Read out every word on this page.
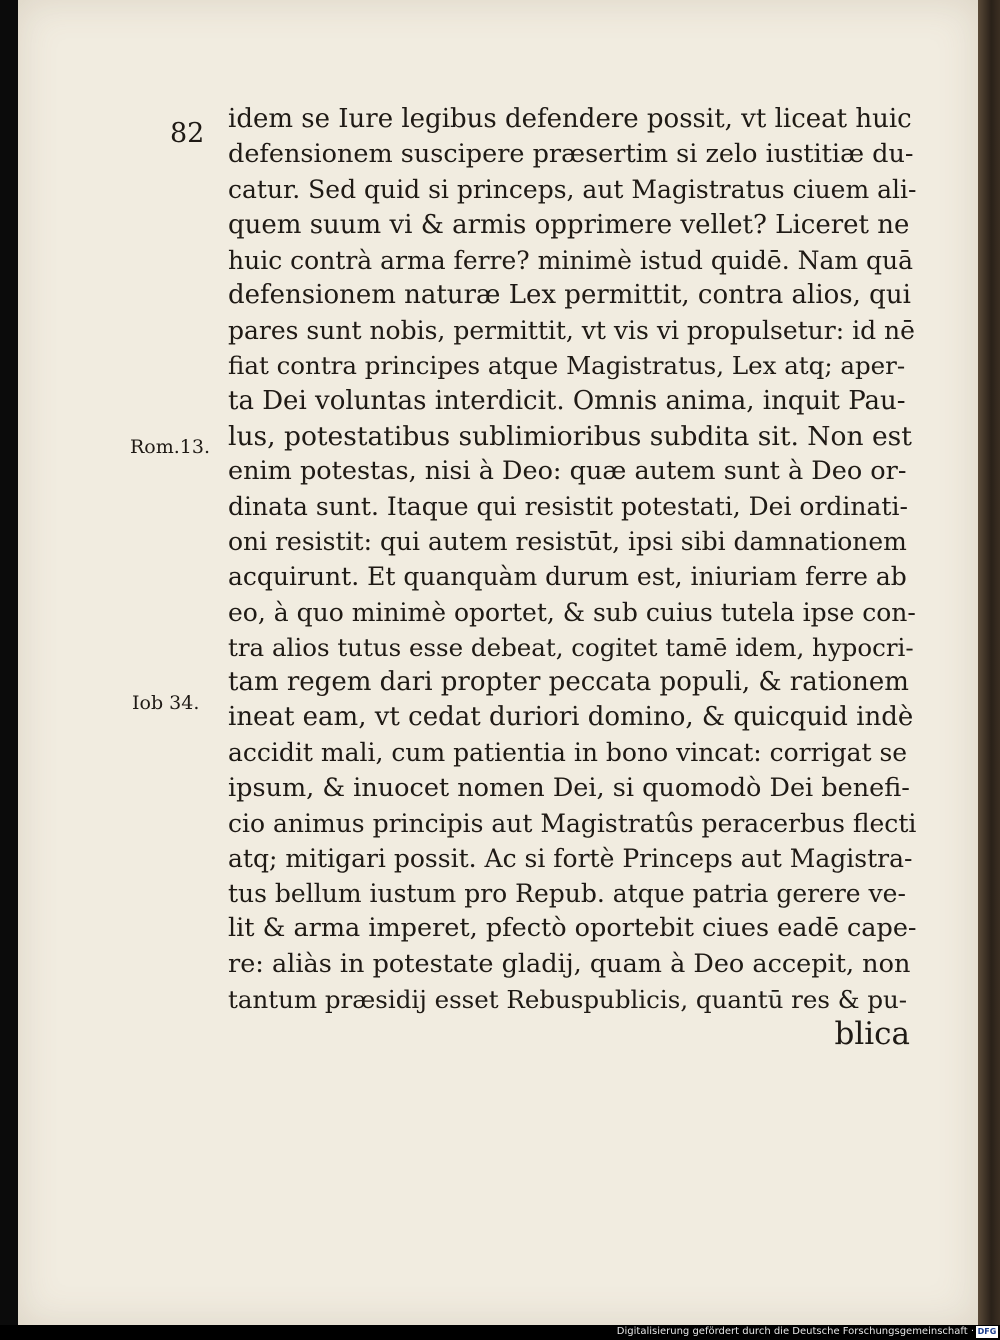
82
Rom.13.
Iob 34.
idem se Iure legibus defendere possit, vt liceat huic
defensionem suscipere præsertim si zelo iustitiæ du-
catur. Sed quid si princeps, aut Magistratus ciuem ali-
quem suum vi & armis opprimere vellet? Liceret ne
huic contrà arma ferre? minimè istud quidē. Nam quā
defensionem naturæ Lex permittit, contra alios, qui
pares sunt nobis, permittit, vt vis vi propulsetur: id nē
fiat contra principes atque Magistratus, Lex atq; aper-
ta Dei voluntas interdicit. Omnis anima, inquit Pau-
lus, potestatibus sublimioribus subdita sit. Non est
enim potestas, nisi à Deo: quæ autem sunt à Deo or-
dinata sunt. Itaque qui resistit potestati, Dei ordinati-
oni resistit: qui autem resistūt, ipsi sibi damnationem
acquirunt. Et quanquàm durum est, iniuriam ferre ab
eo, à quo minimè oportet, & sub cuius tutela ipse con-
tra alios tutus esse debeat, cogitet tamē idem, hypocri-
tam regem dari propter peccata populi, & rationem
ineat eam, vt cedat duriori domino, & quicquid indè
accidit mali, cum patientia in bono vincat: corrigat se
ipsum, & inuocet nomen Dei, si quomodò Dei benefi-
cio animus principis aut Magistratûs peracerbus flecti
atq; mitigari possit. Ac si fortè Princeps aut Magistra-
tus bellum iustum pro Repub. atque patria gerere ve-
lit & arma imperet, pfectò oportebit ciues eadē cape-
re: aliàs in potestate gladij, quam à Deo accepit, non
tantum præsidij esset Rebuspublicis, quantū res & pu-
blica
Digitalisierung gefördert durch die Deutsche Forschungsgemeinschaft · DFG
